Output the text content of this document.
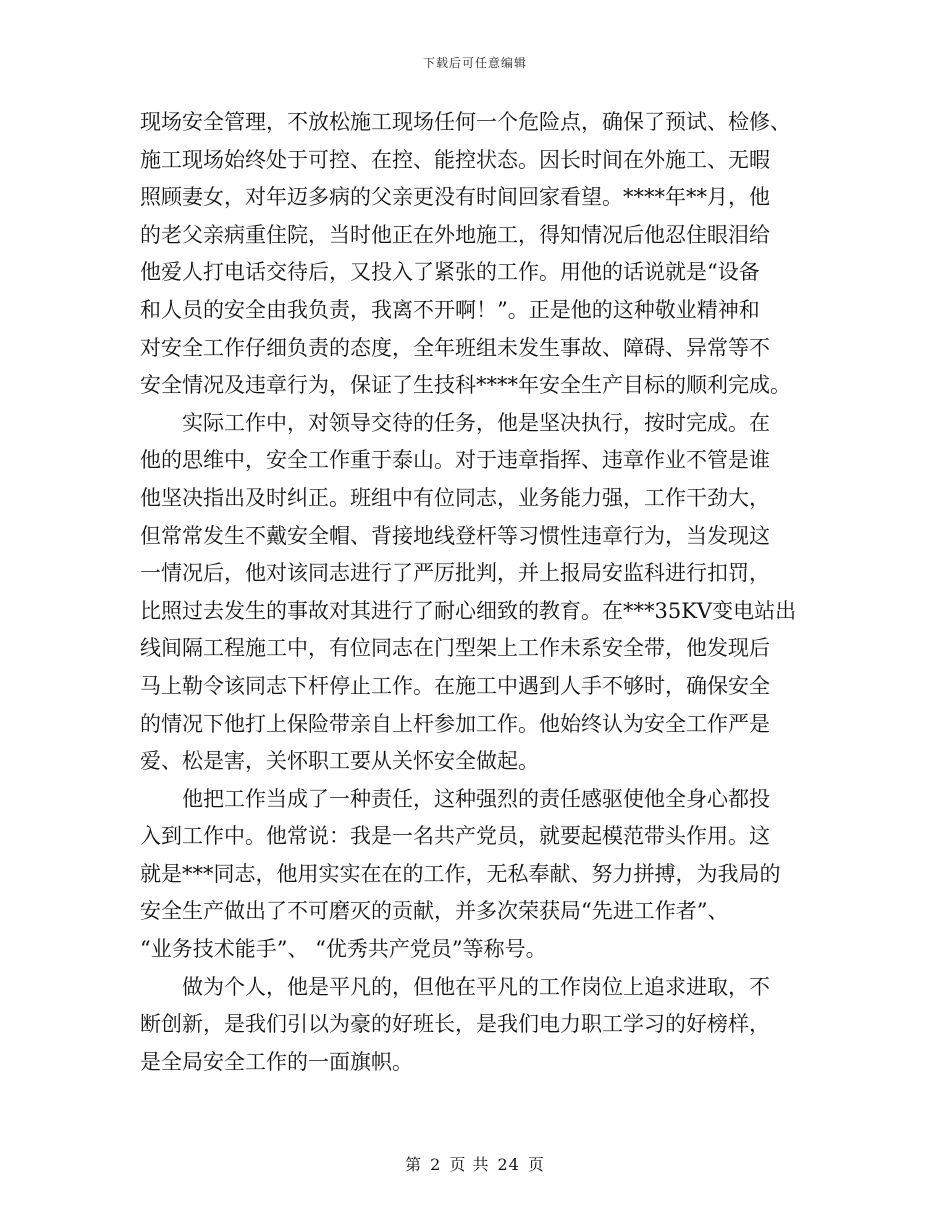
下载后可任意编辑
现场安全管理，不放松施工现场任何一个危险点，确保了预试、检修、
施工现场始终处于可控、在控、能控状态。因长时间在外施工、无暇
照顾妻女，对年迈多病的父亲更没有时间回家看望。****年**月，他
的老父亲病重住院，当时他正在外地施工，得知情况后他忍住眼泪给
他爱人打电话交待后，又投入了紧张的工作。用他的话说就是“设备
和人员的安全由我负责，我离不开啊！”。正是他的这种敬业精神和
对安全工作仔细负责的态度，全年班组未发生事故、障碍、异常等不
安全情况及违章行为，保证了生技科****年安全生产目标的顺利完成。
　　实际工作中，对领导交待的任务，他是坚决执行，按时完成。在
他的思维中，安全工作重于泰山。对于违章指挥、违章作业不管是谁
他坚决指出及时纠正。班组中有位同志，业务能力强，工作干劲大，
但常常发生不戴安全帽、背接地线登杆等习惯性违章行为，当发现这
一情况后，他对该同志进行了严厉批判，并上报局安监科进行扣罚，
比照过去发生的事故对其进行了耐心细致的教育。在***35KV变电站出
线间隔工程施工中，有位同志在门型架上工作未系安全带，他发现后
马上勒令该同志下杆停止工作。在施工中遇到人手不够时，确保安全
的情况下他打上保险带亲自上杆参加工作。他始终认为安全工作严是
爱、松是害，关怀职工要从关怀安全做起。
　　他把工作当成了一种责任，这种强烈的责任感驱使他全身心都投
入到工作中。他常说：我是一名共产党员，就要起模范带头作用。这
就是***同志，他用实实在在的工作，无私奉献、努力拼搏，为我局的
安全生产做出了不可磨灭的贡献，并多次荣获局“先进工作者”、
“业务技术能手”、 “优秀共产党员”等称号。
　　做为个人，他是平凡的，但他在平凡的工作岗位上追求进取，不
断创新，是我们引以为豪的好班长，是我们电力职工学习的好榜样，
是全局安全工作的一面旗帜。
第 2 页 共 24 页
